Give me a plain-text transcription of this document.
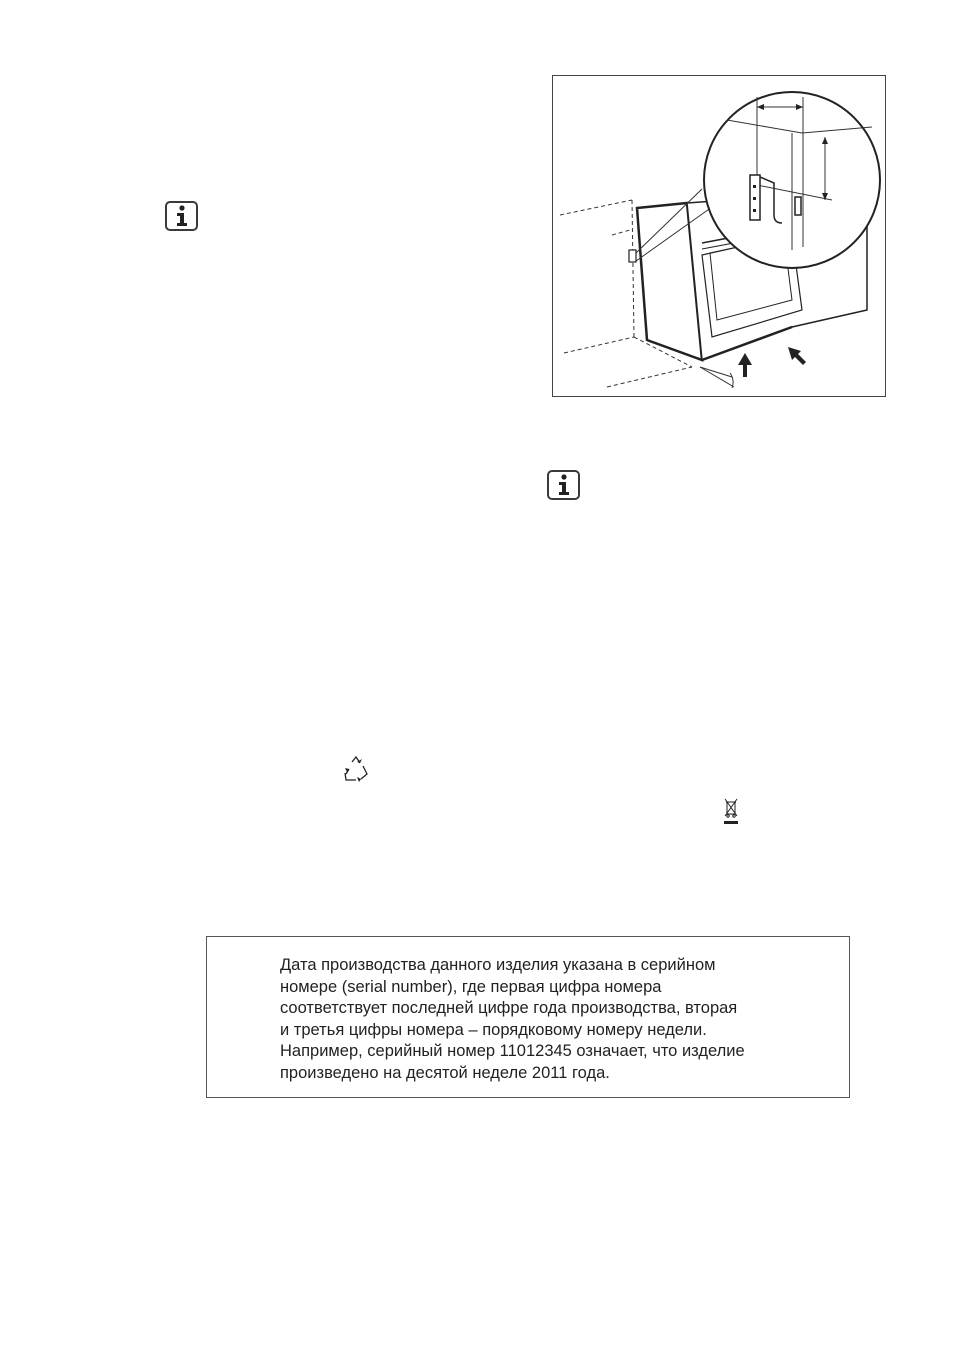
Дата производства данного изделия указана в серийном
номере (serial number), где первая цифра номера
соответствует последней цифре года производства, вторая
и третья цифры номера – порядковому номеру недели.
Например, серийный номер 11012345 означает, что изделие
произведено на десятой неделе 2011 года.
